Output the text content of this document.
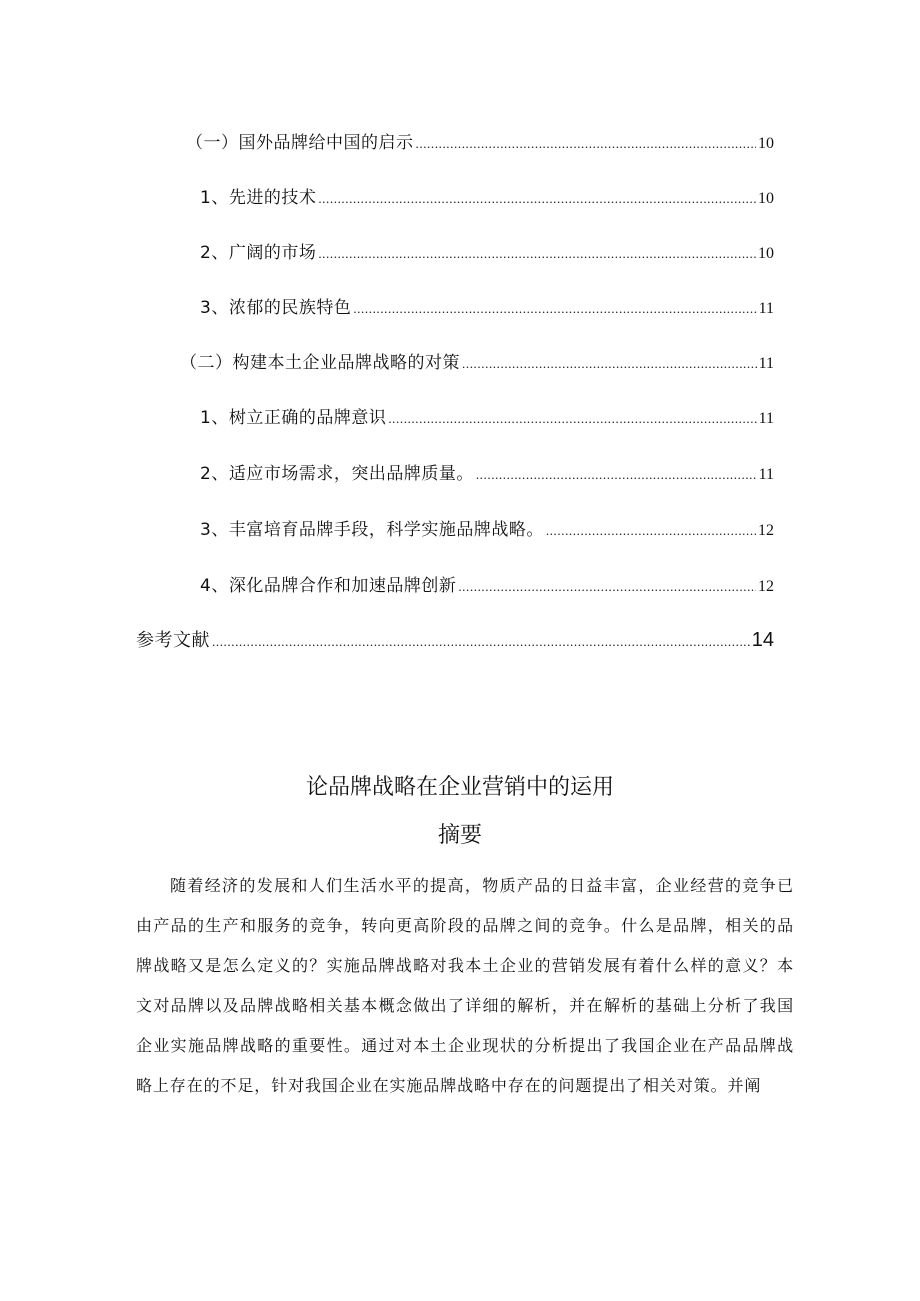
（一）国外品牌给中国的启示 .....	10
1、先进的技术 .....	10
2、广阔的市场 .....	10
3、浓郁的民族特色 .....	11
（二）构建本土企业品牌战略的对策 .....	11
1、树立正确的品牌意识 .....	11
2、适应市场需求，突出品牌质量。 .....	11
3、丰富培育品牌手段，科学实施品牌战略。 .....	12
4、深化品牌合作和加速品牌创新 .....	12
参考文献 .....	14
论品牌战略在企业营销中的运用
摘要

随着经济的发展和人们生活水平的提高，物质产品的日益丰富，企业经营的竞争已由产品的生产和服务的竞争，转向更高阶段的品牌之间的竞争。什么是品牌，相关的品牌战略又是怎么定义的？实施品牌战略对我本土企业的营销发展有着什么样的意义？本文对品牌以及品牌战略相关基本概念做出了详细的解析，并在解析的基础上分析了我国企业实施品牌战略的重要性。通过对本土企业现状的分析提出了我国企业在产品品牌战略上存在的不足，针对我国企业在实施品牌战略中存在的问题提出了相关对策。并阐
